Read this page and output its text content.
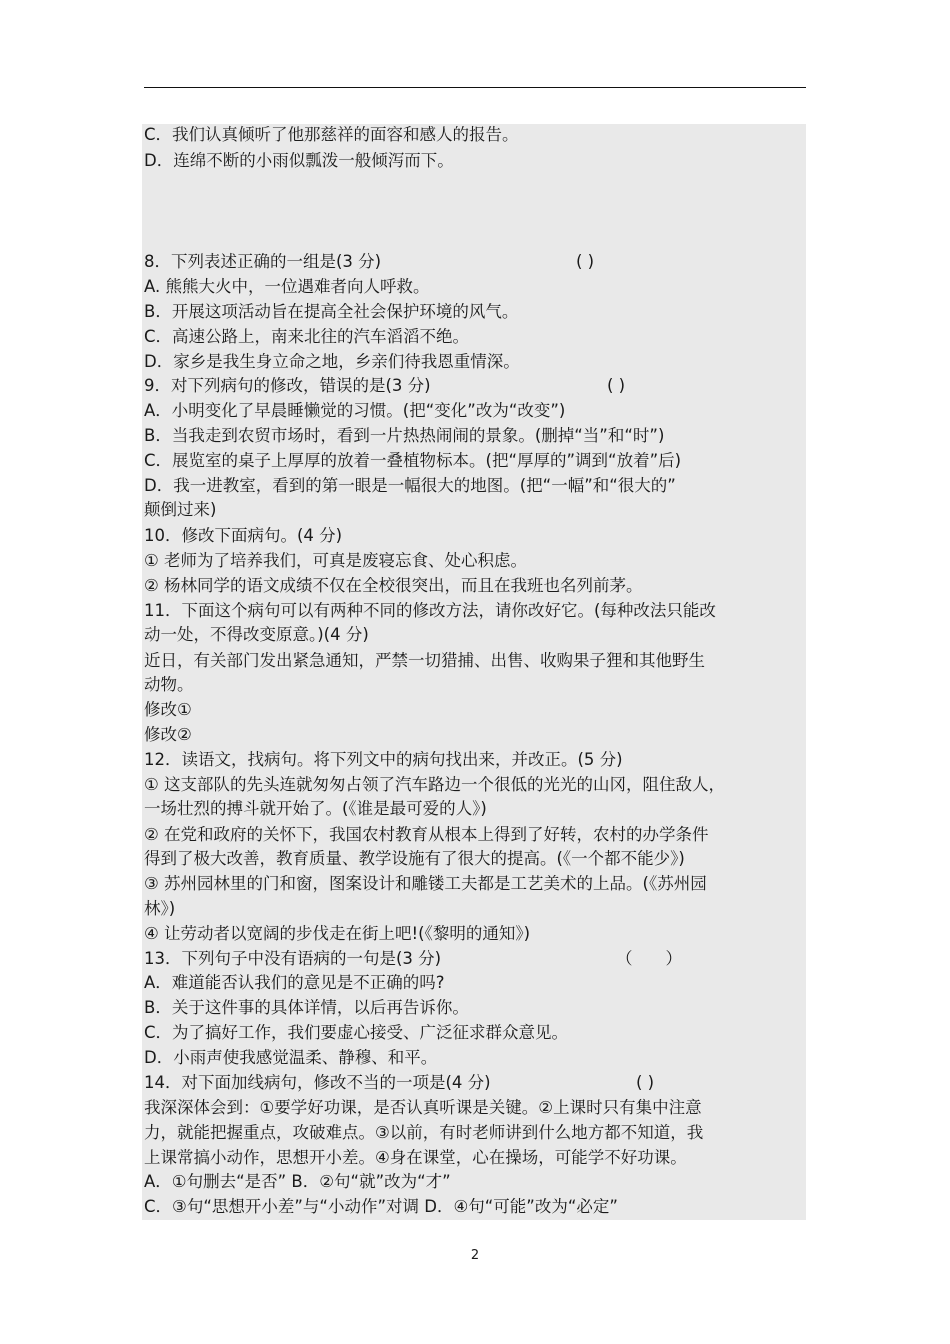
C．我们认真倾听了他那慈祥的面容和感人的报告。
D．连绵不断的小雨似瓢泼一般倾泻而下。
8．下列表述正确的一组是(3 分)	( )
A. 熊熊大火中，一位遇难者向人呼救。
B．开展这项活动旨在提高全社会保护环境的风气。
C．高速公路上，南来北往的汽车滔滔不绝。
D．家乡是我生身立命之地，乡亲们待我恩重情深。
9．对下列病句的修改，错误的是(3 分)	( )
A．小明变化了早晨睡懒觉的习惯。(把“变化”改为“改变”)
B．当我走到农贸市场时，看到一片热热闹闹的景象。(删掉“当”和“时”)
C．展览室的桌子上厚厚的放着一叠植物标本。(把“厚厚的”调到“放着”后)
D．我一进教室，看到的第一眼是一幅很大的地图。(把“一幅”和“很大的”
颠倒过来)
10．修改下面病句。(4 分)
① 老师为了培养我们，可真是废寝忘食、处心积虑。
② 杨林同学的语文成绩不仅在全校很突出，而且在我班也名列前茅。
11．下面这个病句可以有两种不同的修改方法，请你改好它。(每种改法只能改
动一处，不得改变原意。)(4 分)
近日，有关部门发出紧急通知，严禁一切猎捕、出售、收购果子狸和其他野生
动物。
修改①
修改②
12．读语文，找病句。将下列文中的病句找出来，并改正。(5 分)
① 这支部队的先头连就匆匆占领了汽车路边一个很低的光光的山冈，阻住敌人，
一场壮烈的搏斗就开始了。(《谁是最可爱的人》)
② 在党和政府的关怀下，我国农村教育从根本上得到了好转，农村的办学条件
得到了极大改善，教育质量、教学设施有了很大的提高。(《一个都不能少》)
③ 苏州园林里的门和窗，图案设计和雕镂工夫都是工艺美术的上品。(《苏州园
林》)
④ 让劳动者以宽阔的步伐走在街上吧!(《黎明的通知》)
13．下列句子中没有语病的一句是(3 分)	（　　）
A．难道能否认我们的意见是不正确的吗?
B．关于这件事的具体详情，以后再告诉你。
C．为了搞好工作，我们要虚心接受、广泛征求群众意见。
D．小雨声使我感觉温柔、静穆、和平。
14．对下面加线病句，修改不当的一项是(4 分)	( )
我深深体会到：①要学好功课，是否认真听课是关键。②上课时只有集中注意
力，就能把握重点，攻破难点。③以前，有时老师讲到什么地方都不知道，我
上课常搞小动作，思想开小差。④身在课堂，心在操场，可能学不好功课。
A．①句删去“是否” B．②句“就”改为“才”
C．③句“思想开小差”与“小动作”对调 D．④句“可能”改为“必定”
2
